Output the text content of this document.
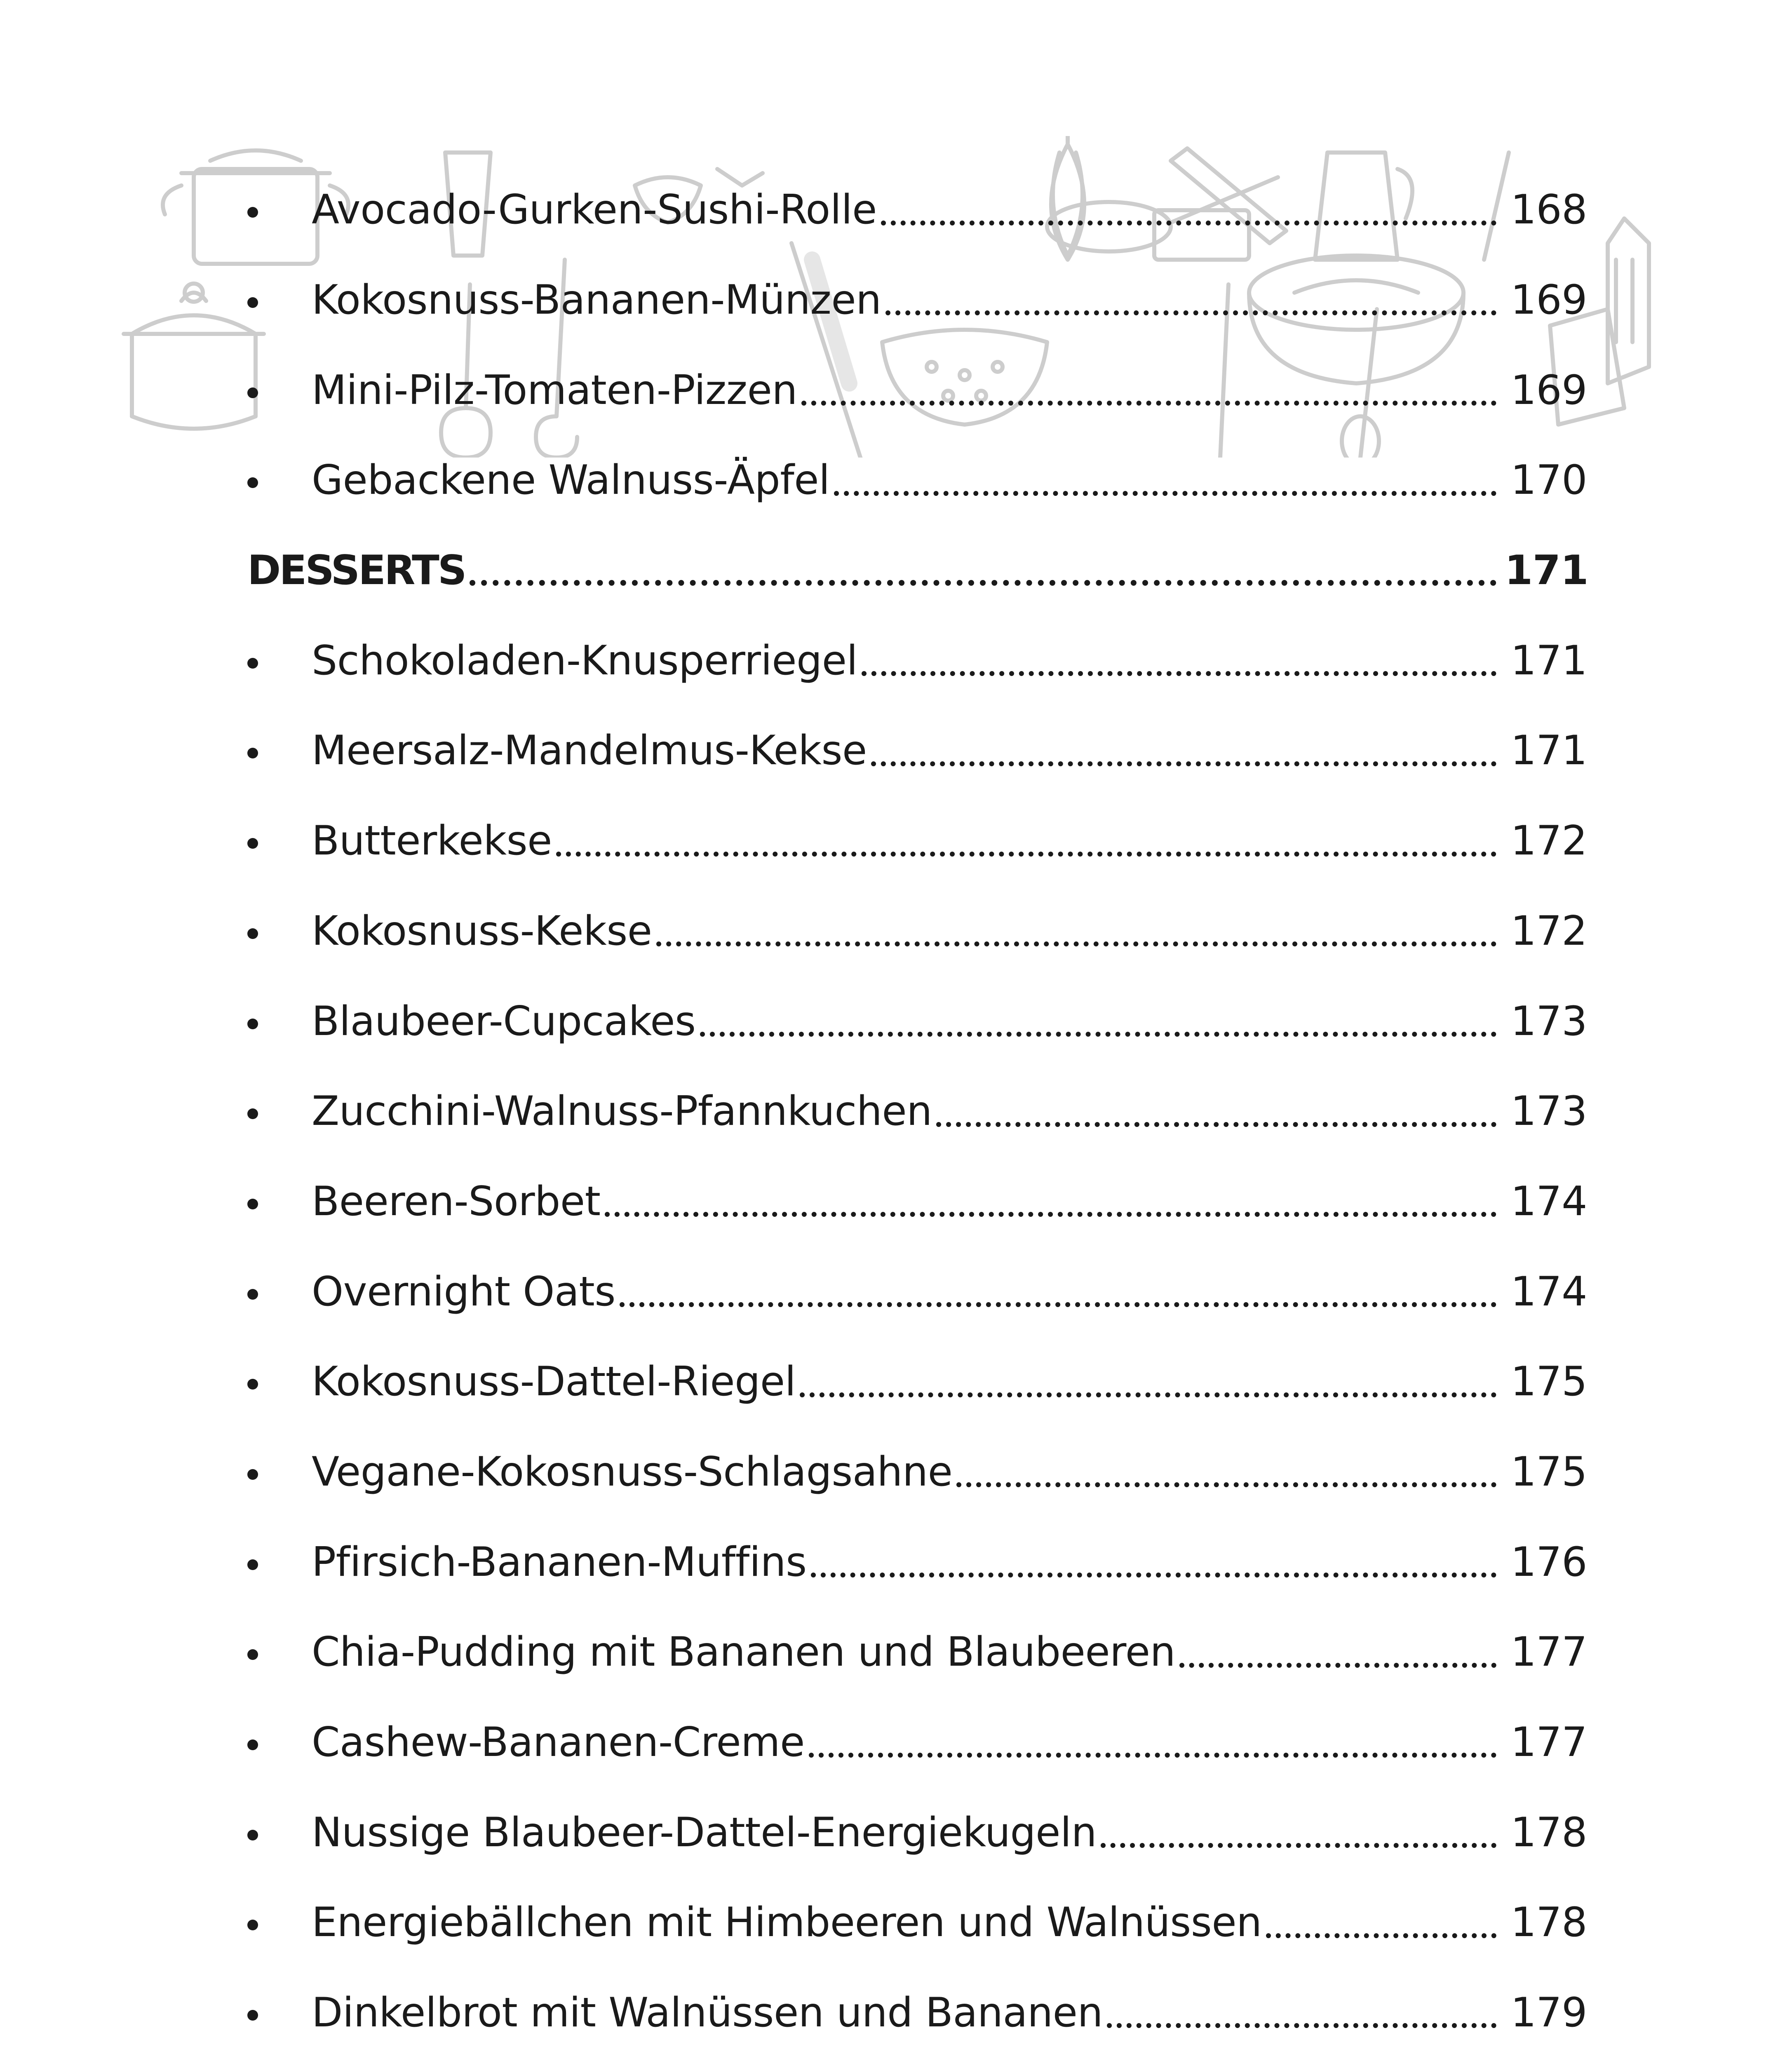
Avocado-Gurken-Sushi-Rolle	168
Kokosnuss-Bananen-Münzen	169
Mini-Pilz-Tomaten-Pizzen	169
Gebackene Walnuss-Äpfel	170
DESSERTS	171
Schokoladen-Knusperriegel	171
Meersalz-Mandelmus-Kekse	171
Butterkekse	172
Kokosnuss-Kekse	172
Blaubeer-Cupcakes	173
Zucchini-Walnuss-Pfannkuchen	173
Beeren-Sorbet	174
Overnight Oats	174
Kokosnuss-Dattel-Riegel	175
Vegane-Kokosnuss-Schlagsahne	175
Pfirsich-Bananen-Muffins	176
Chia-Pudding mit Bananen und Blaubeeren	177
Cashew-Bananen-Creme	177
Nussige Blaubeer-Dattel-Energiekugeln	178
Energiebällchen mit Himbeeren und Walnüssen	178
Dinkelbrot mit Walnüssen und Bananen	179
